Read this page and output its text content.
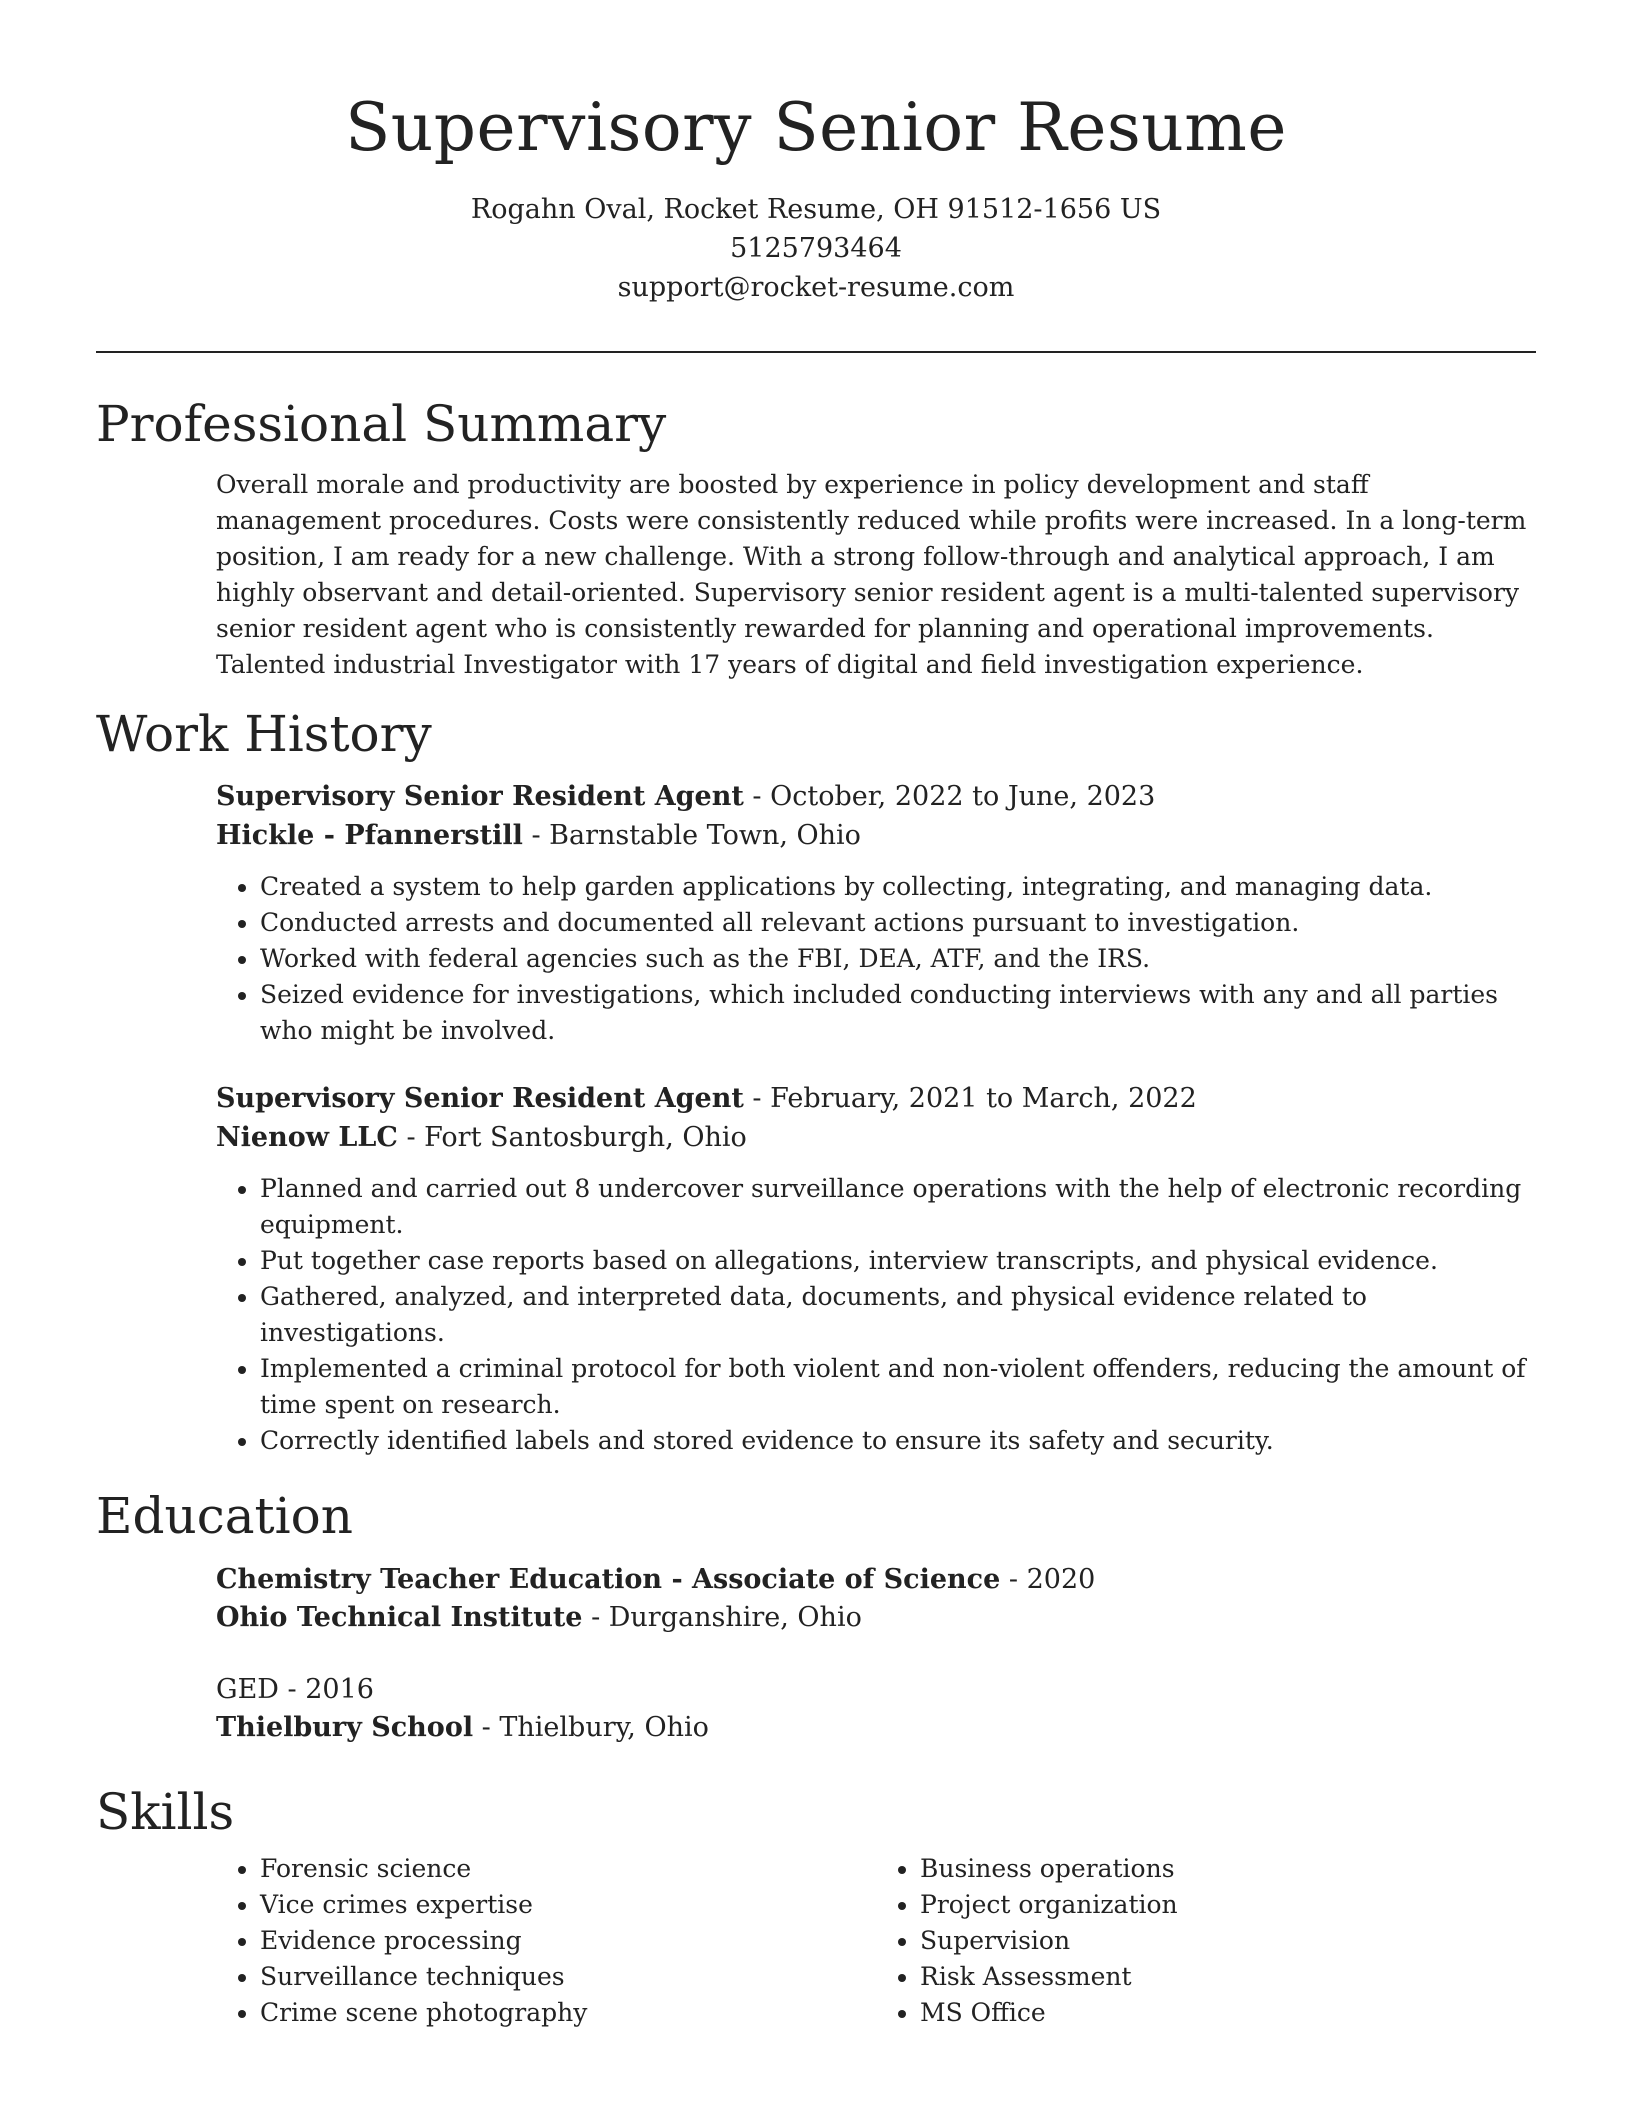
Supervisory Senior Resume
Rogahn Oval, Rocket Resume, OH 91512-1656 US
5125793464
support@rocket-resume.com
Professional Summary
Overall morale and productivity are boosted by experience in policy development and staff management procedures. Costs were consistently reduced while profits were increased. In a long-term position, I am ready for a new challenge. With a strong follow-through and analytical approach, I am highly observant and detail-oriented. Supervisory senior resident agent is a multi-talented supervisory senior resident agent who is consistently rewarded for planning and operational improvements. Talented industrial Investigator with 17 years of digital and field investigation experience.
Work History
Supervisory Senior Resident Agent - October, 2022 to June, 2023
Hickle - Pfannerstill - Barnstable Town, Ohio
• Created a system to help garden applications by collecting, integrating, and managing data.
• Conducted arrests and documented all relevant actions pursuant to investigation.
• Worked with federal agencies such as the FBI, DEA, ATF, and the IRS.
• Seized evidence for investigations, which included conducting interviews with any and all parties who might be involved.
Supervisory Senior Resident Agent - February, 2021 to March, 2022
Nienow LLC - Fort Santosburgh, Ohio
• Planned and carried out 8 undercover surveillance operations with the help of electronic recording equipment.
• Put together case reports based on allegations, interview transcripts, and physical evidence.
• Gathered, analyzed, and interpreted data, documents, and physical evidence related to investigations.
• Implemented a criminal protocol for both violent and non-violent offenders, reducing the amount of time spent on research.
• Correctly identified labels and stored evidence to ensure its safety and security.
Education
Chemistry Teacher Education - Associate of Science - 2020
Ohio Technical Institute - Durganshire, Ohio
GED - 2016
Thielbury School - Thielbury, Ohio
Skills
• Forensic science
• Vice crimes expertise
• Evidence processing
• Surveillance techniques
• Crime scene photography
• Business operations
• Project organization
• Supervision
• Risk Assessment
• MS Office
